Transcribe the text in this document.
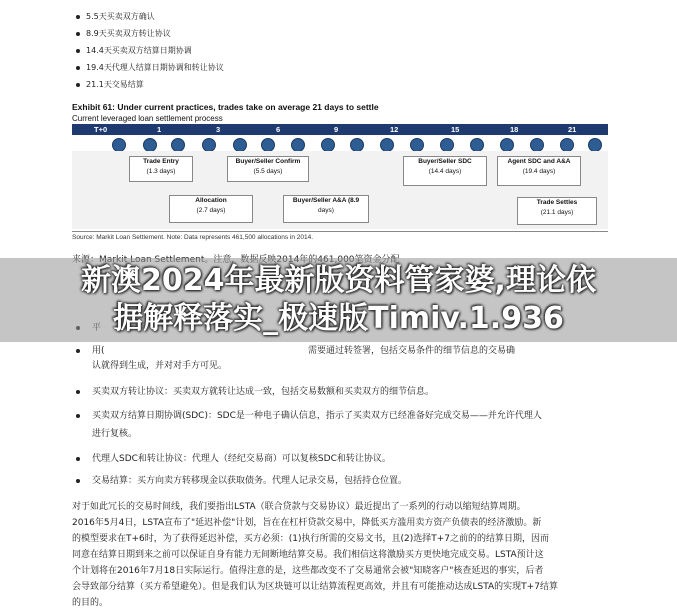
5.5天买卖双方确认
8.9天买卖双方转让协议
14.4天买卖双方结算日期协调
19.4天代理人结算日期协调和转让协议
21.1天交易结算
Exhibit 61: Under current practices, trades take on average 21 days to settle
Current leveraged loan settlement process
T+0	1	3	6	9	12	15	18	21
Trade Entry
(1.3 days)
Buyer/Seller Confirm
(5.5 days)
Buyer/Seller SDC
(14.4 days)
Agent SDC and A&A
(19.4 days)
Allocation
(2.7 days)
Buyer/Seller A&A (8.9
days)
Trade Settles
(21.1 days)
Source: Markit Loan Settlement. Note: Data represents 461,500 allocations in 2014.
用(	需要通过转签署，包括交易条件的细节信息的交易确
认就得到生成，并对对手方可见。
新澳2024年最新版资料管家婆,理论依
据解释落实_极速版Timiv.1.936
买卖双方转让协议：买卖双方就转让达成一致，包括交易数额和买卖双方的细节信息。
买卖双方结算日期协调(SDC)：SDC是一种电子确认信息，指示了买卖双方已经准备好完成交易——并允许代理人
进行复核。
代理人SDC和转让协议：代理人（经纪交易商）可以复核SDC和转让协议。
交易结算：买方向卖方转移现金以获取债务。代理人记录交易，包括持仓位置。
对于如此冗长的交易时间线，我们要指出LSTA（联合贷款与交易协议）最近提出了一系列的行动以缩短结算周期。
2016年5月4日，LSTA宣布了"延迟补偿"计划，旨在在杠杆贷款交易中，降低买方滥用卖方资产负债表的经济激励。新
的模型要求在T+6时，为了获得延迟补偿，买方必须：(1)执行所需的交易文书，且(2)选择T+7之前的的结算日期，因而
同意在结算日期到来之前可以保证自身有能力无间断地结算交易。我们相信这将激励买方更快地完成交易。LSTA预计这
个计划将在2016年7月18日实际运行。值得注意的是，这些都改变不了交易通常会被"知晓客户"核查延迟的事实，后者
会导致部分结算（买方希望避免）。但是我们认为区块链可以让结算流程更高效，并且有可能推动达成LSTA的实现T+7结算
的目的。
